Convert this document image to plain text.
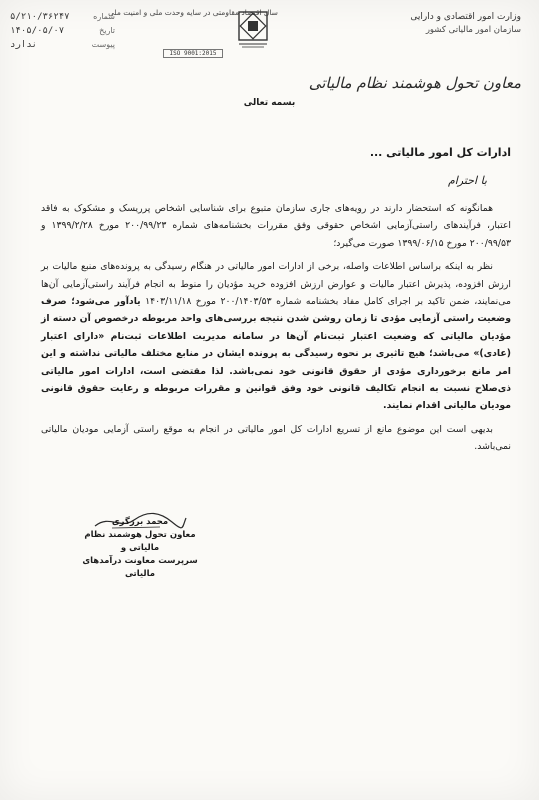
شماره
۵/۲۱۰/۳۶۲۴۷
تاریخ
۱۴۰۵/۰۵/۰۷
پیوست
ندارد
سال اقتصاد مقاومتی در سایه وحدت ملی و امنیت ملی
ISO 9001:2015
وزارت امور اقتصادی و دارایی
سازمان امور مالیاتی کشور
معاون تحول هوشمند نظام مالیاتی
بسمه تعالی
ادارات کل امور مالیاتی ...
با احترام

همانگونه که استحضار دارند در رویه‌های جاری سازمان متبوع برای شناسایی اشخاص پرریسک و مشکوک به فاقد اعتبار، فرآیندهای راستی‌آزمایی اشخاص حقوقی وفق مقررات بخشنامه‌های شماره ۲۰۰/۹۹/۲۳ مورخ ۱۳۹۹/۲/۲۸ و ۲۰۰/۹۹/۵۳ مورخ ۱۳۹۹/۰۶/۱۵ صورت می‌گیرد؛

نظر به اینکه براساس اطلاعات واصله، برخی از ادارات امور مالیاتی در هنگام رسیدگی به پرونده‌های منبع مالیات بر ارزش افزوده، پذیرش اعتبار مالیات و عوارض ارزش افزوده خرید مؤدیان را منوط به انجام فرآیند راستی‌آزمایی آن‌ها می‌نمایند، ضمن تاکید بر اجرای کامل مفاد بخشنامه شماره ۲۰۰/۱۴۰۳/۵۳ مورخ ۱۴۰۳/۱۱/۱۸ یادآور می‌شود؛ صرف وضعیت راستی آزمایی مؤدی تا زمان روشن شدن نتیجه بررسی‌های واحد مربوطه درخصوص آن دسته از مؤدیان مالیاتی که وضعیت اعتبار ثبت‌نام آن‌ها در سامانه مدیریت اطلاعات ثبت‌نام «دارای اعتبار (عادی)» می‌باشد؛ هیچ تاثیری بر نحوه رسیدگی به پرونده ایشان در منابع مختلف مالیاتی نداشته و این امر مانع برخورداری مؤدی از حقوق قانونی خود نمی‌باشد. لذا مقتضی است، ادارات امور مالیاتی ذی‌صلاح نسبت به انجام تکالیف قانونی خود وفق قوانین و مقررات مربوطه و رعایت حقوق قانونی مودیان مالیاتی اقدام نمایند.

بدیهی است این موضوع مانع از تسریع ادارات کل امور مالیاتی در انجام به موقع راستی آزمایی مودیان مالیاتی نمی‌باشد.

محمد برزگری
معاون تحول هوشمند نظام مالیاتی و
سرپرست معاونت درآمدهای مالیاتی
